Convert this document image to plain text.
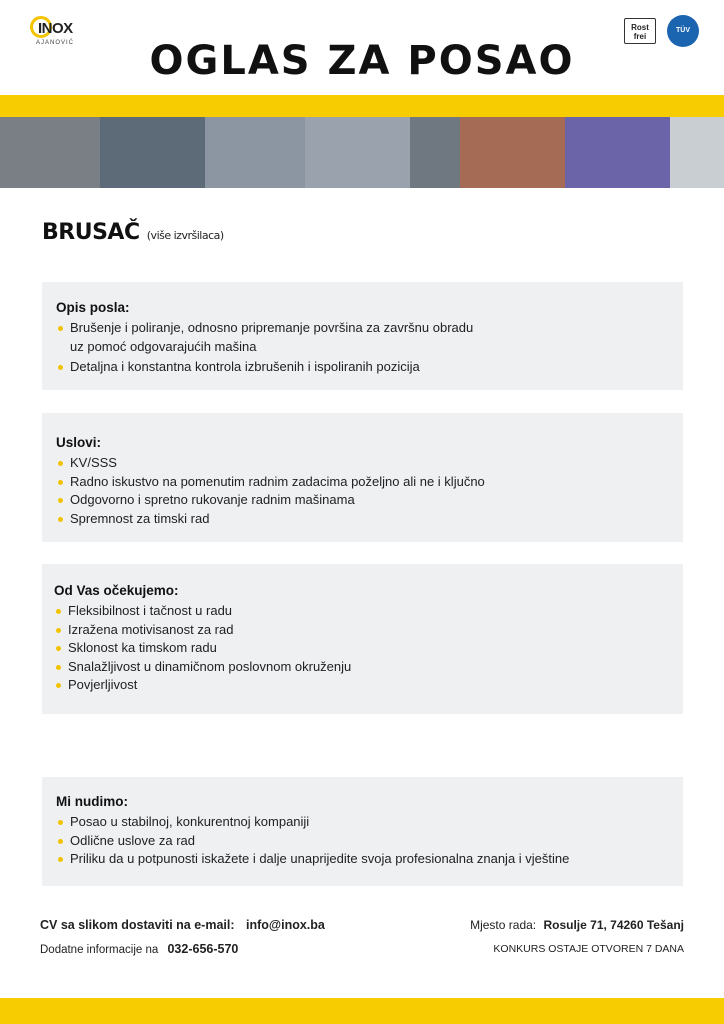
INOX
AJANOVIĆ
Rost frei
TÜV
OGLAS ZA POSAO
BRUSAČ (više izvršilaca)
Opis posla:
Brušenje i poliranje, odnosno pripremanje površina za završnu obradu
uz pomoć odgovarajućih mašina
Detaljna i konstantna kontrola izbrušenih i ispoliranih pozicija
Uslovi:
KV/SSS
Radno iskustvo na pomenutim radnim zadacima poželjno ali ne i ključno
Odgovorno i spretno rukovanje radnim mašinama
Spremnost za timski rad
Od Vas očekujemo:
Fleksibilnost i tačnost u radu
Izražena motivisanost za rad
Sklonost ka timskom radu
Snalažljivost u dinamičnom poslovnom okruženju
Povjerljivost
Mi nudimo:
Posao u stabilnoj, konkurentnoj kompaniji
Odlične uslove za rad
Priliku da u potpunosti iskažete i dalje unaprijedite svoja profesionalna znanja i vještine
CV sa slikom dostaviti na e-mail: info@inox.ba
Dodatne informacije na 032-656-570
Mjesto rada: Rosulje 71, 74260 Tešanj
KONKURS OSTAJE OTVOREN 7 DANA
